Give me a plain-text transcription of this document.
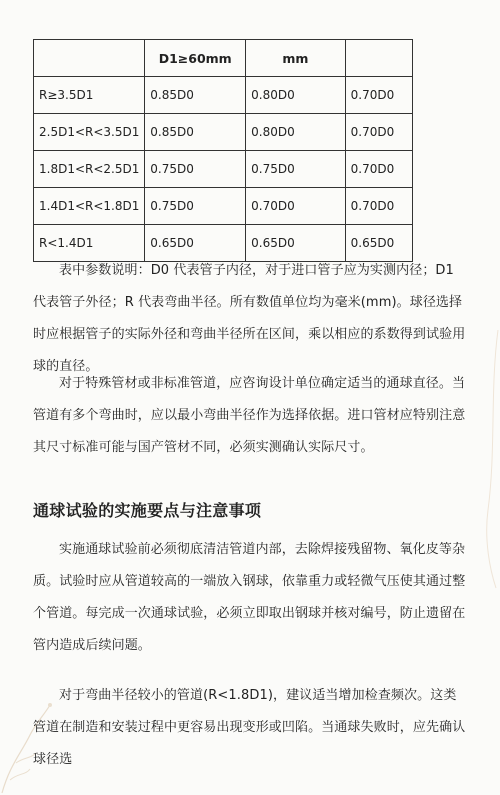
	D1≥60mm	mm	
R≥3.5D1	0.85D0	0.80D0	0.70D0
2.5D1<R<3.5D1	0.85D0	0.80D0	0.70D0
1.8D1<R<2.5D1	0.75D0	0.75D0	0.70D0
1.4D1<R<1.8D1	0.75D0	0.70D0	0.70D0
R<1.4D1	0.65D0	0.65D0	0.65D0

表中参数说明：D0 代表管子内径，对于进口管子应为实测内径；D1 代表管子外径；R 代表弯曲半径。所有数值单位均为毫米(mm)。球径选择时应根据管子的实际外径和弯曲半径所在区间，乘以相应的系数得到试验用球的直径。

对于特殊管材或非标准管道，应咨询设计单位确定适当的通球直径。当管道有多个弯曲时，应以最小弯曲半径作为选择依据。进口管材应特别注意其尺寸标准可能与国产管材不同，必须实测确认实际尺寸。

通球试验的实施要点与注意事项

实施通球试验前必须彻底清洁管道内部，去除焊接残留物、氧化皮等杂质。试验时应从管道较高的一端放入钢球，依靠重力或轻微气压使其通过整个管道。每完成一次通球试验，必须立即取出钢球并核对编号，防止遗留在管内造成后续问题。

对于弯曲半径较小的管道(R<1.8D1)，建议适当增加检查频次。这类管道在制造和安装过程中更容易出现变形或凹陷。当通球失败时，应先确认球径选
